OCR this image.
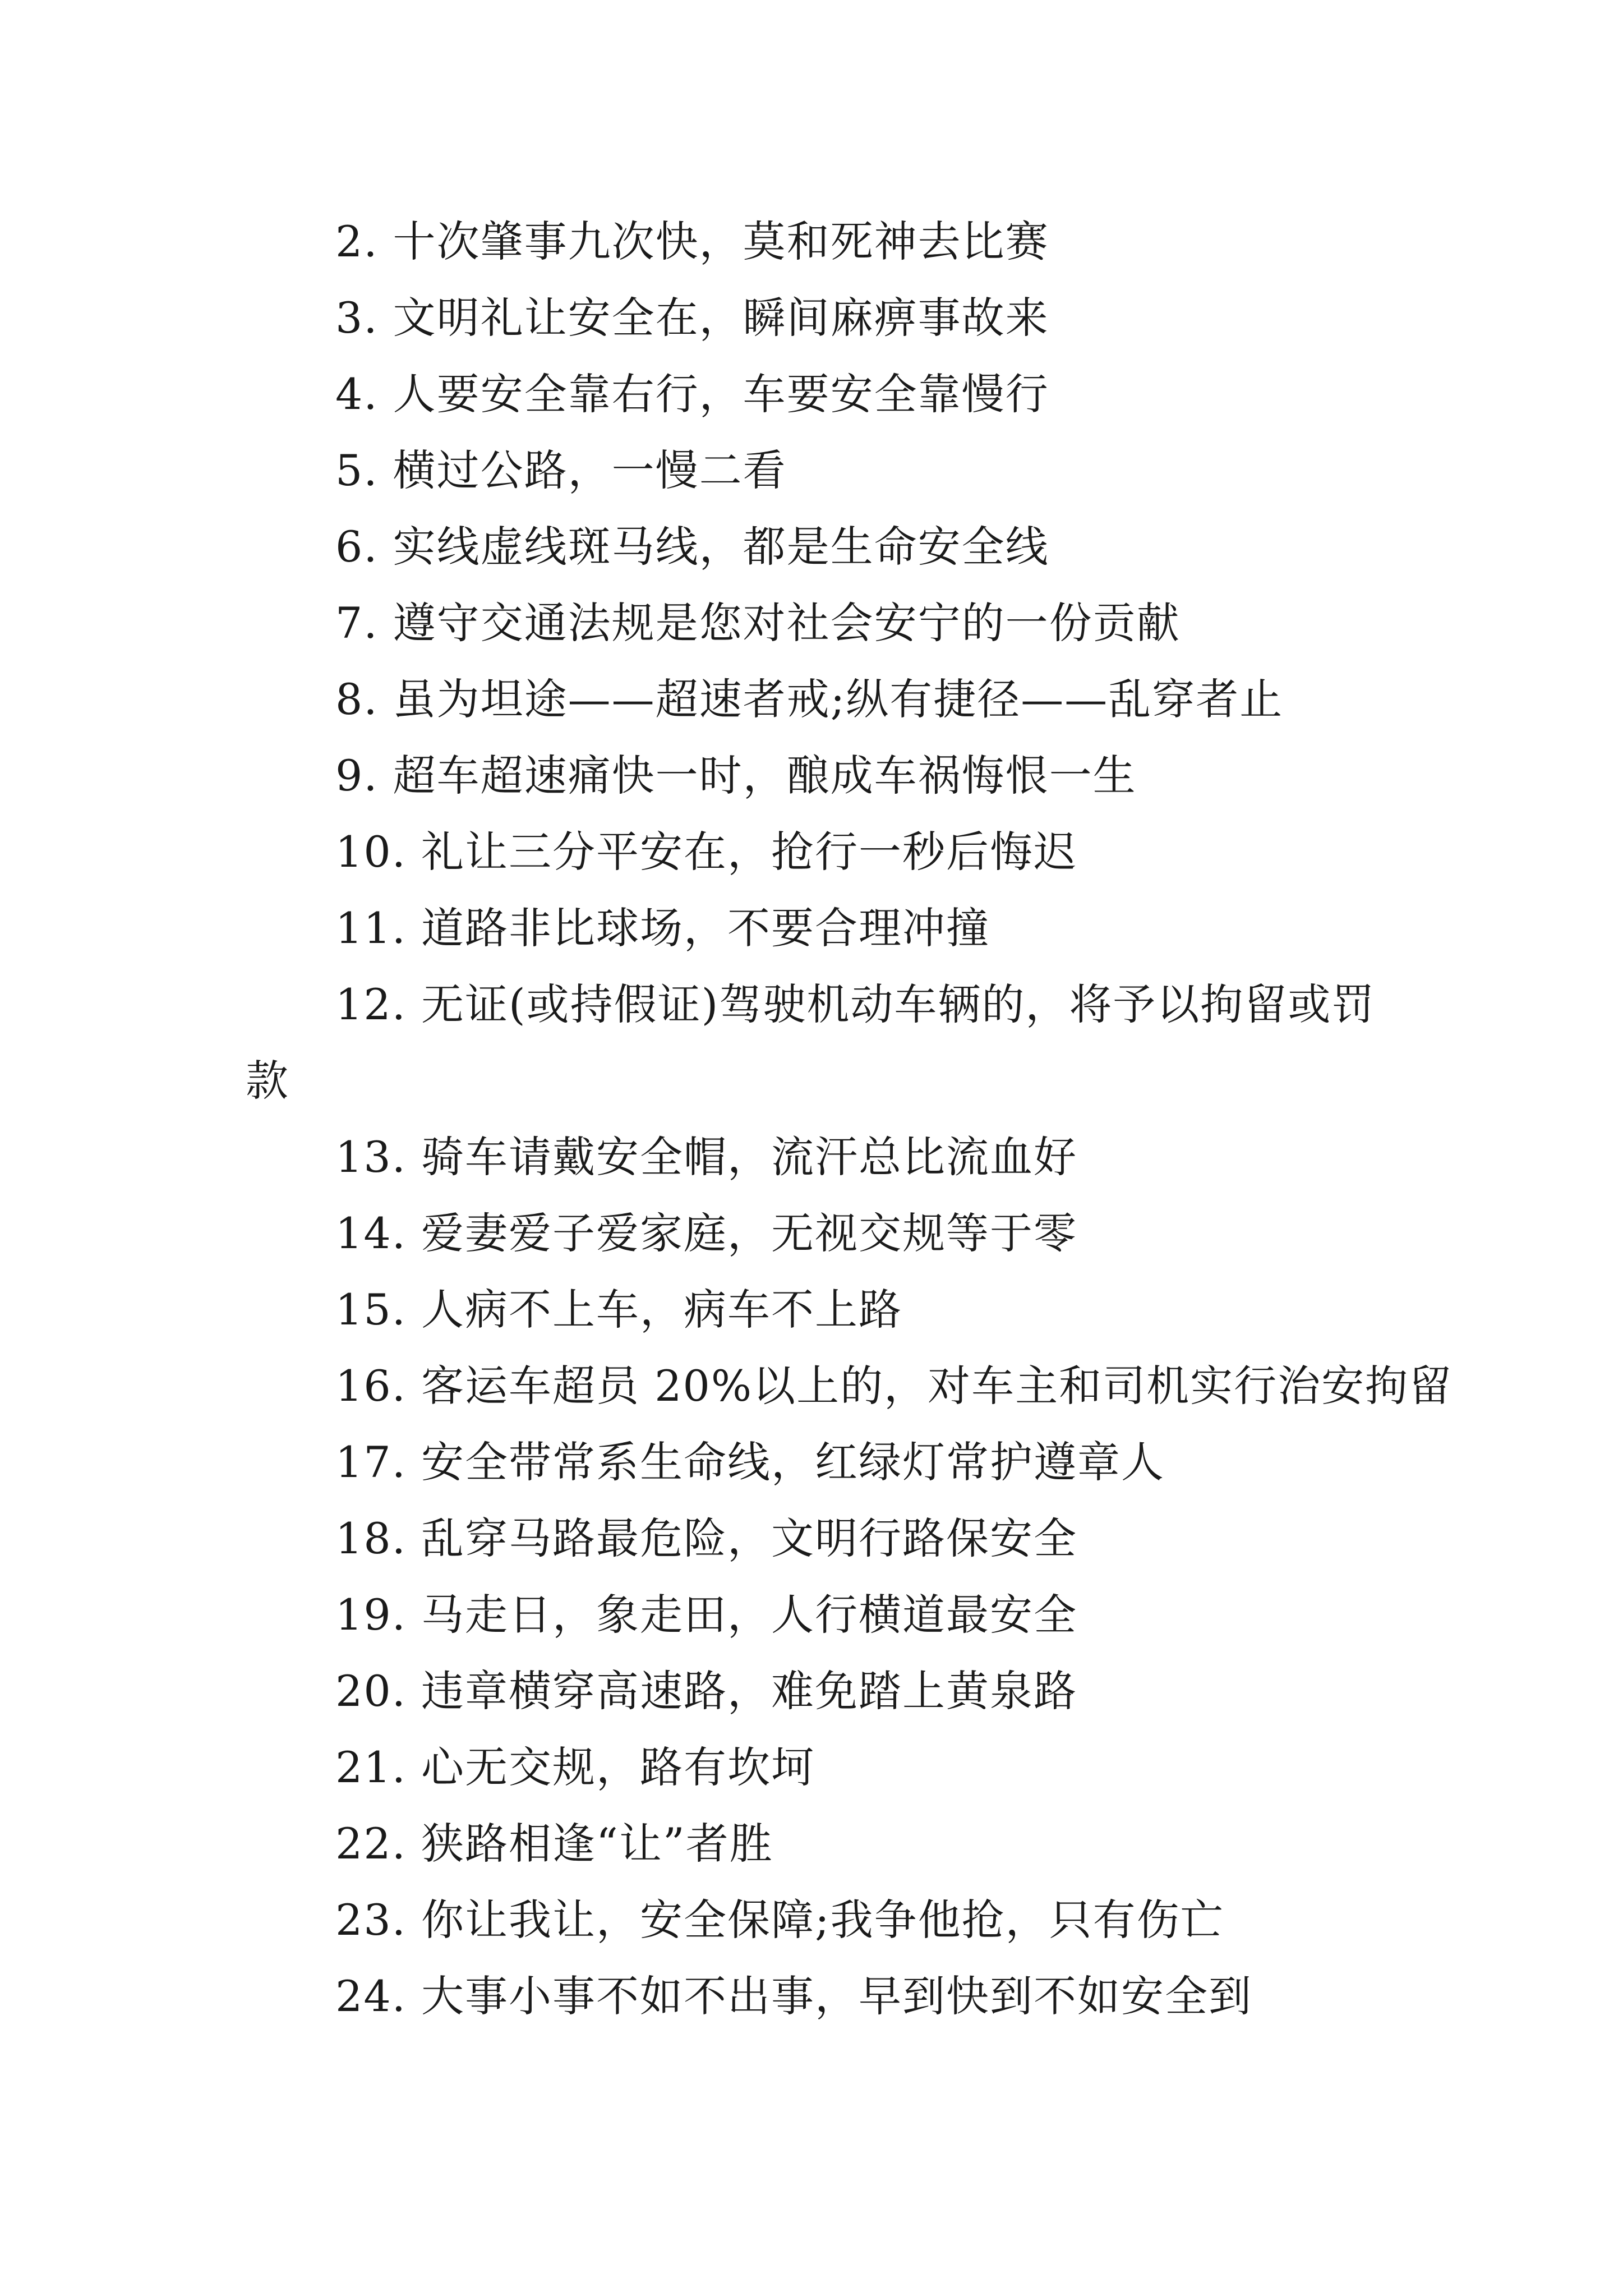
2. 十次肇事九次快，莫和死神去比赛
3. 文明礼让安全在，瞬间麻痹事故来
4. 人要安全靠右行，车要安全靠慢行
5. 横过公路，一慢二看
6. 实线虚线斑马线，都是生命安全线
7. 遵守交通法规是您对社会安宁的一份贡献
8. 虽为坦途——超速者戒;纵有捷径——乱穿者止
9. 超车超速痛快一时，酿成车祸悔恨一生
10. 礼让三分平安在，抢行一秒后悔迟
11. 道路非比球场，不要合理冲撞
12. 无证(或持假证)驾驶机动车辆的，将予以拘留或罚
款
13. 骑车请戴安全帽，流汗总比流血好
14. 爱妻爱子爱家庭，无视交规等于零
15. 人病不上车，病车不上路
16. 客运车超员 20%以上的，对车主和司机实行治安拘留
17. 安全带常系生命线，红绿灯常护遵章人
18. 乱穿马路最危险，文明行路保安全
19. 马走日，象走田，人行横道最安全
20. 违章横穿高速路，难免踏上黄泉路
21. 心无交规，路有坎坷
22. 狭路相逢“让”者胜
23. 你让我让，安全保障;我争他抢，只有伤亡
24. 大事小事不如不出事，早到快到不如安全到
